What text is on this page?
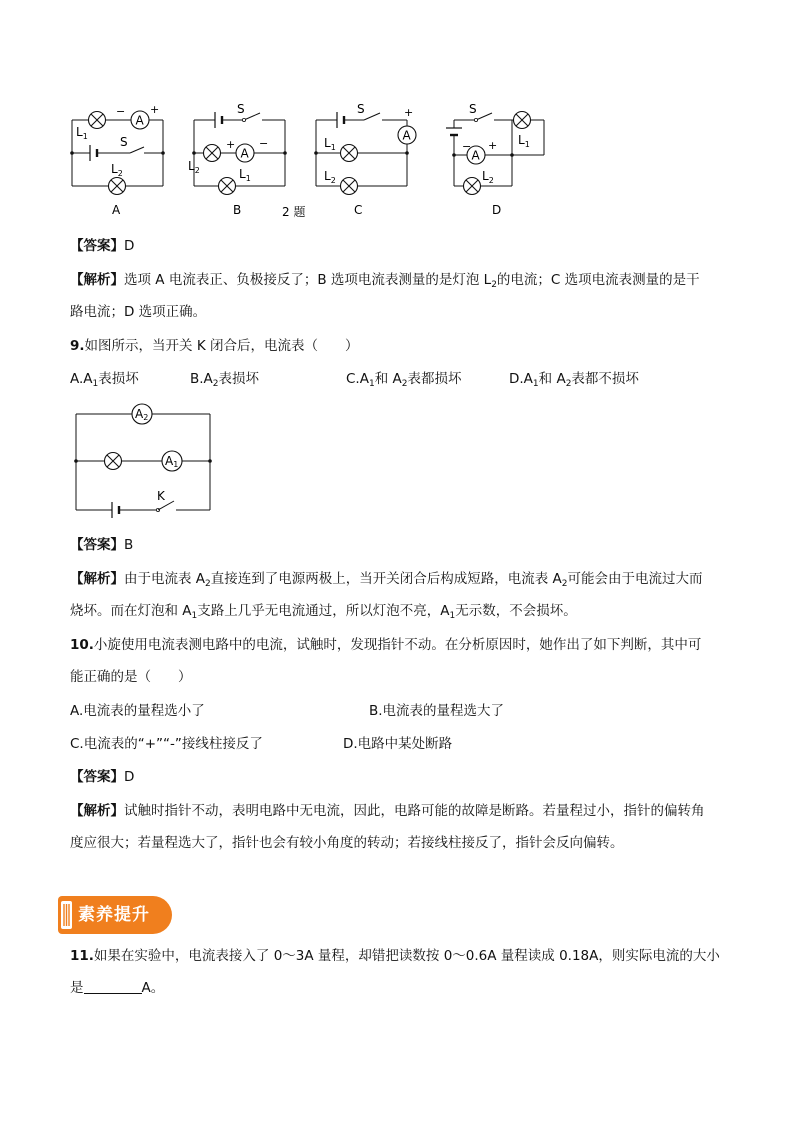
A
− +
$L_1$	S
$L_2$
A
A
+ −
S
$L_2$	$L_1$
B	2 题
A
+
S
$L_1$
$L_2$
C
A
− +
$L_2$
$L_1$
S
D
【答案】D
【解析】选项 A 电流表正、负极接反了；B 选项电流表测量的是灯泡 $L_2$的电流；C 选项电流表测量的是干
路电流；D 选项正确。
9.如图所示，当开关 K 闭合后，电流表（　　）
$A.A_1$表损坏	$B.A_2$表损坏	$C.A_1$和 $A_2$表都损坏	$D.A_1$和 $A_2$表都不损坏
A2
A1
K
【答案】B
【解析】由于电流表 $A_2$直接连到了电源两极上，当开关闭合后构成短路，电流表 $A_2$可能会由于电流过大而
烧坏。而在灯泡和 $A_1$支路上几乎无电流通过，所以灯泡不亮，$A_1$无示数，不会损坏。
10.小旋使用电流表测电路中的电流，试触时，发现指针不动。在分析原因时，她作出了如下判断，其中可
能正确的是（　　）
A.电流表的量程选小了	B.电流表的量程选大了
C.电流表的“+”“-”接线柱接反了	D.电路中某处断路
【答案】D
【解析】试触时指针不动，表明电路中无电流，因此，电路可能的故障是断路。若量程过小，指针的偏转角
度应很大；若量程选大了，指针也会有较小角度的转动；若接线柱接反了，指针会反向偏转。
素养提升
11.如果在实验中，电流表接入了 0～3A 量程，却错把读数按 0～0.6A 量程读成 0.18A，则实际电流的大小
是	A。
